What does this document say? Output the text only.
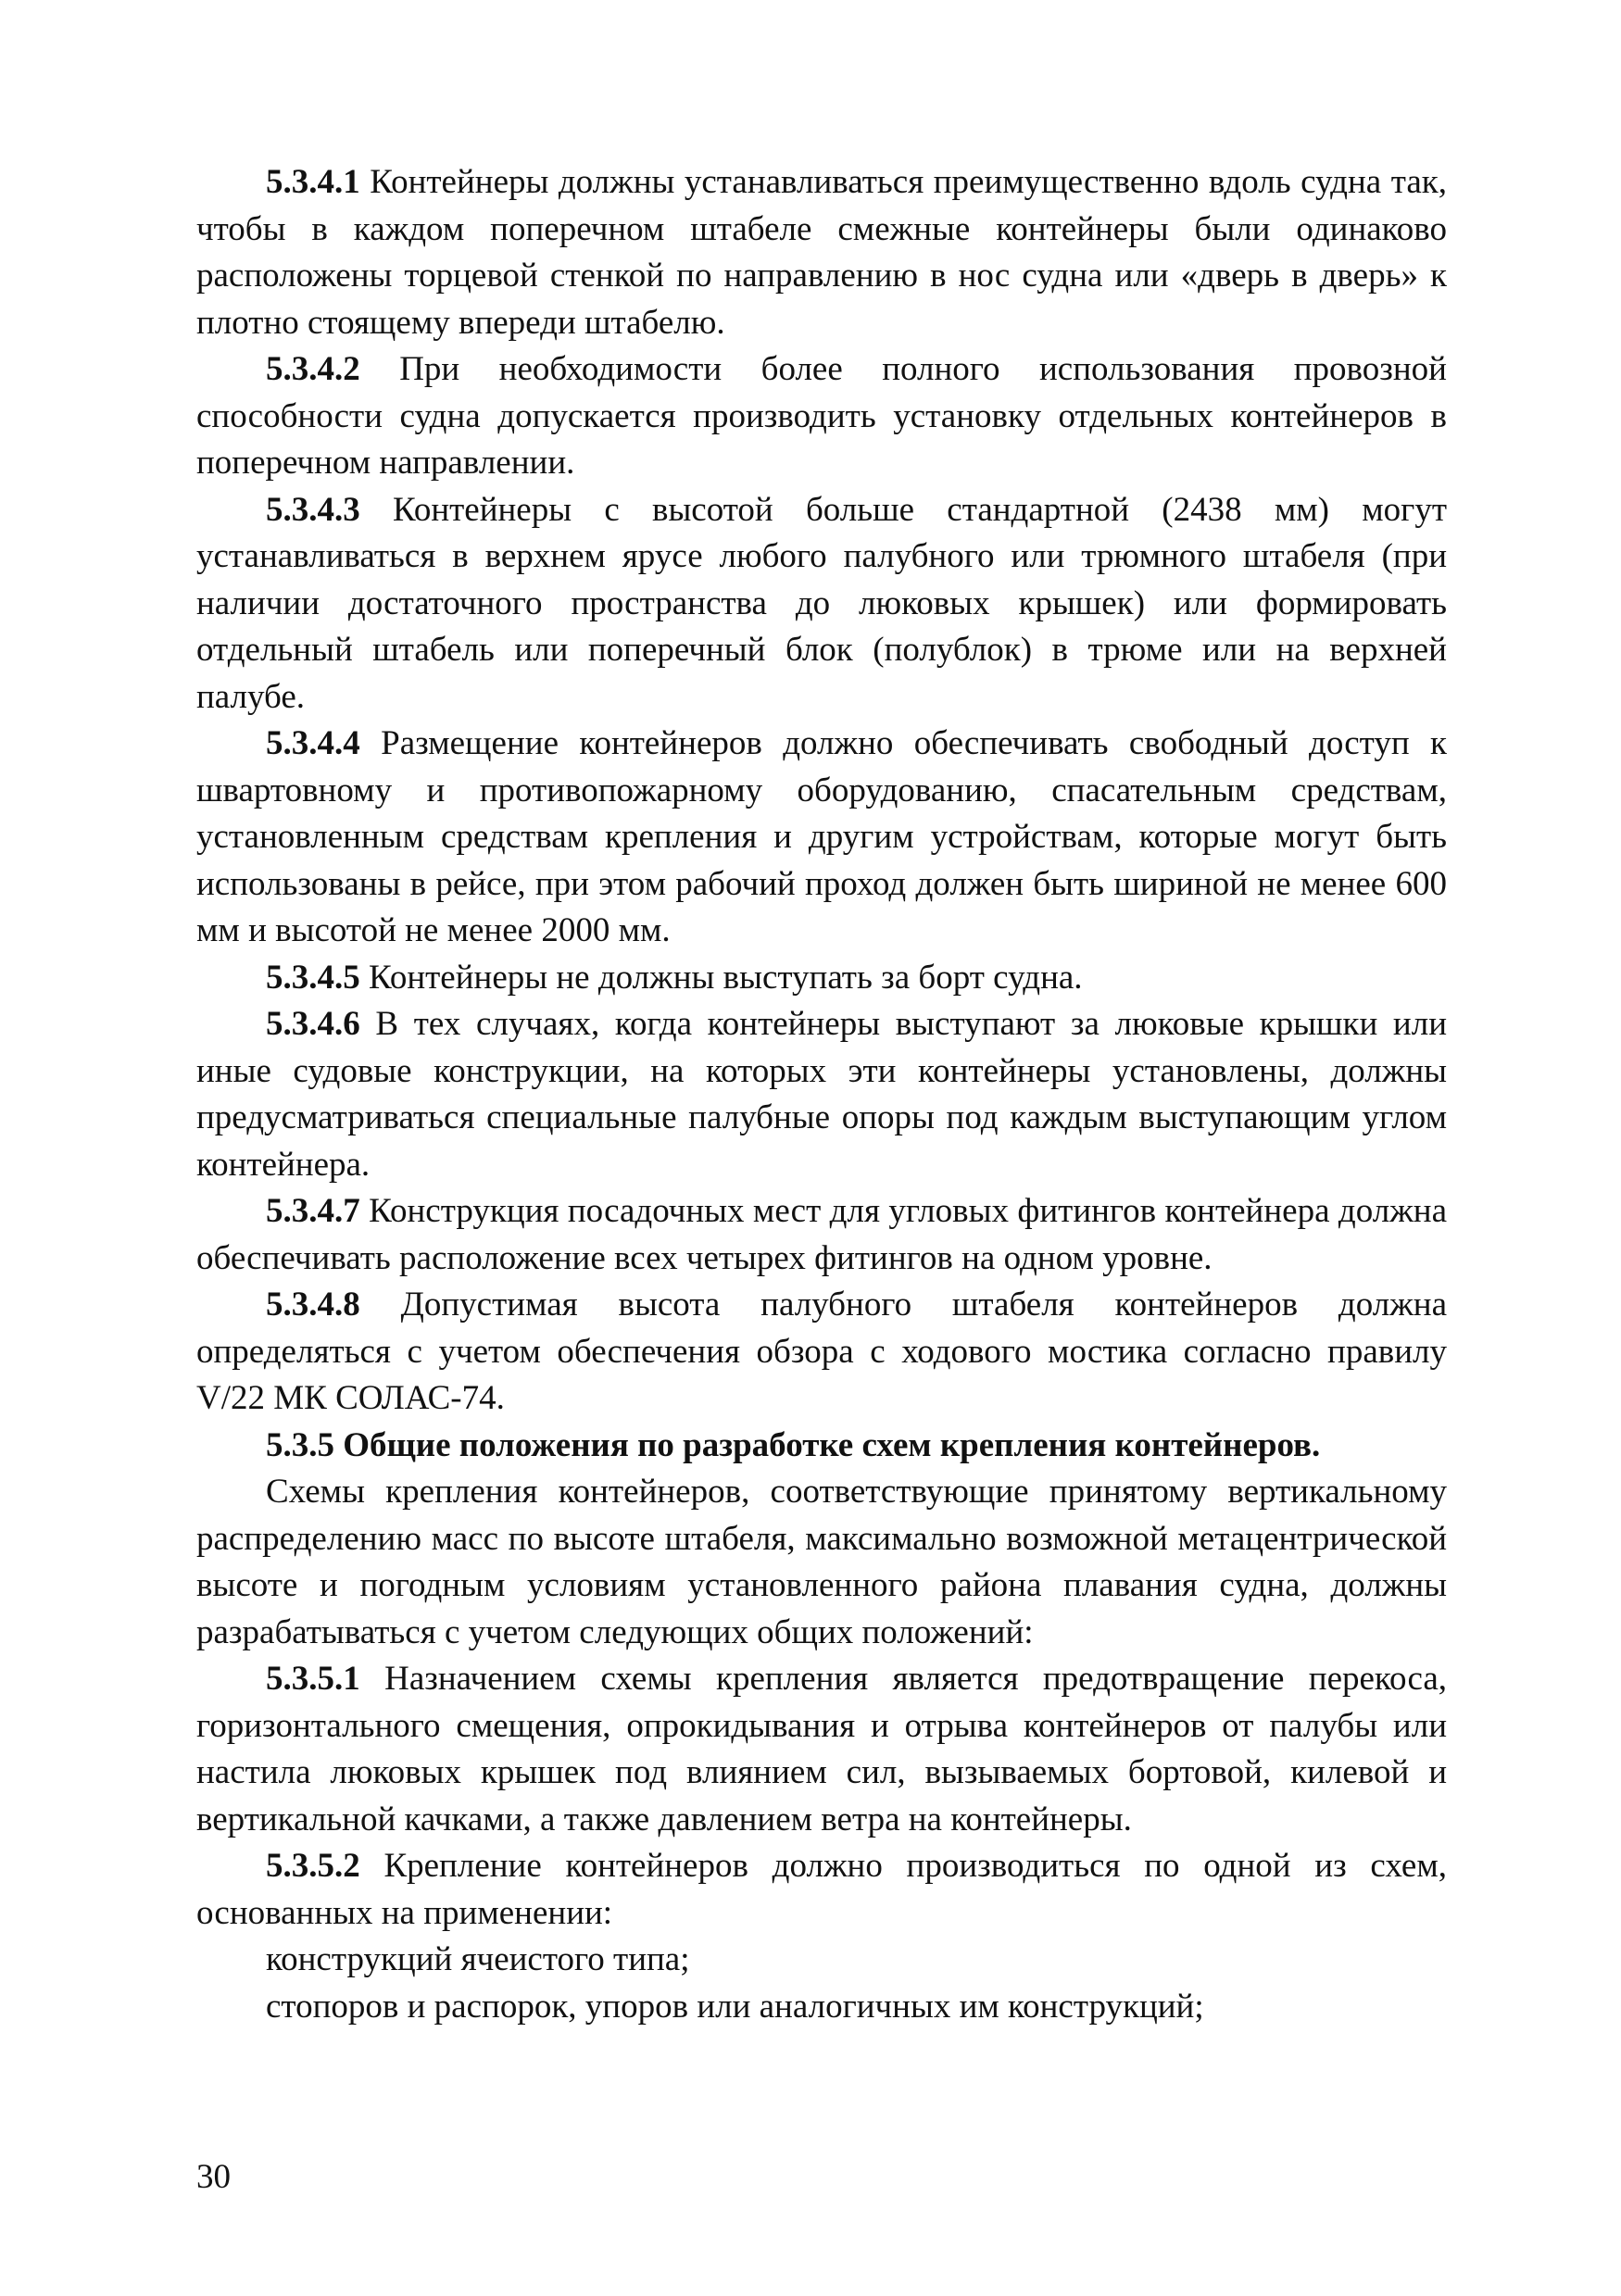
5.3.4.1 Контейнеры должны устанавливаться преимущественно вдоль судна так, чтобы в каждом поперечном штабеле смежные контейнеры были одинаково расположены торцевой стенкой по направлению в нос судна или «дверь в дверь» к плотно стоящему впереди штабелю.

5.3.4.2 При необходимости более полного использования провозной способности судна допускается производить установку отдельных контейнеров в поперечном направлении.

5.3.4.3 Контейнеры с высотой больше стандартной (2438 мм) могут устанавливаться в верхнем ярусе любого палубного или трюмного штабеля (при наличии достаточного пространства до люковых крышек) или формировать отдельный штабель или поперечный блок (полублок) в трюме или на верхней палубе.

5.3.4.4 Размещение контейнеров должно обеспечивать свободный доступ к швартовному и противопожарному оборудованию, спасательным средствам, установленным средствам крепления и другим устройствам, которые могут быть использованы в рейсе, при этом рабочий проход должен быть шириной не менее 600 мм и высотой не менее 2000 мм.

5.3.4.5 Контейнеры не должны выступать за борт судна.

5.3.4.6 В тех случаях, когда контейнеры выступают за люковые крышки или иные судовые конструкции, на которых эти контейнеры установлены, должны предусматриваться специальные палубные опоры под каждым выступающим углом контейнера.

5.3.4.7 Конструкция посадочных мест для угловых фитингов контейнера должна обеспечивать расположение всех четырех фитингов на одном уровне.

5.3.4.8 Допустимая высота палубного штабеля контейнеров должна определяться с учетом обеспечения обзора с ходового мостика согласно правилу V/22 МК СОЛАС-74.

5.3.5 Общие положения по разработке схем крепления контейнеров.

Схемы крепления контейнеров, соответствующие принятому вертикальному распределению масс по высоте штабеля, максимально возможной метацентрической высоте и погодным условиям установленного района плавания судна, должны разрабатываться с учетом следующих общих положений:

5.3.5.1 Назначением схемы крепления является предотвращение перекоса, горизонтального смещения, опрокидывания и отрыва контейнеров от палубы или настила люковых крышек под влиянием сил, вызываемых бортовой, килевой и вертикальной качками, а также давлением ветра на контейнеры.

5.3.5.2 Крепление контейнеров должно производиться по одной из схем, основанных на применении:

конструкций ячеистого типа;

стопоров и распорок, упоров или аналогичных им конструкций;

30
